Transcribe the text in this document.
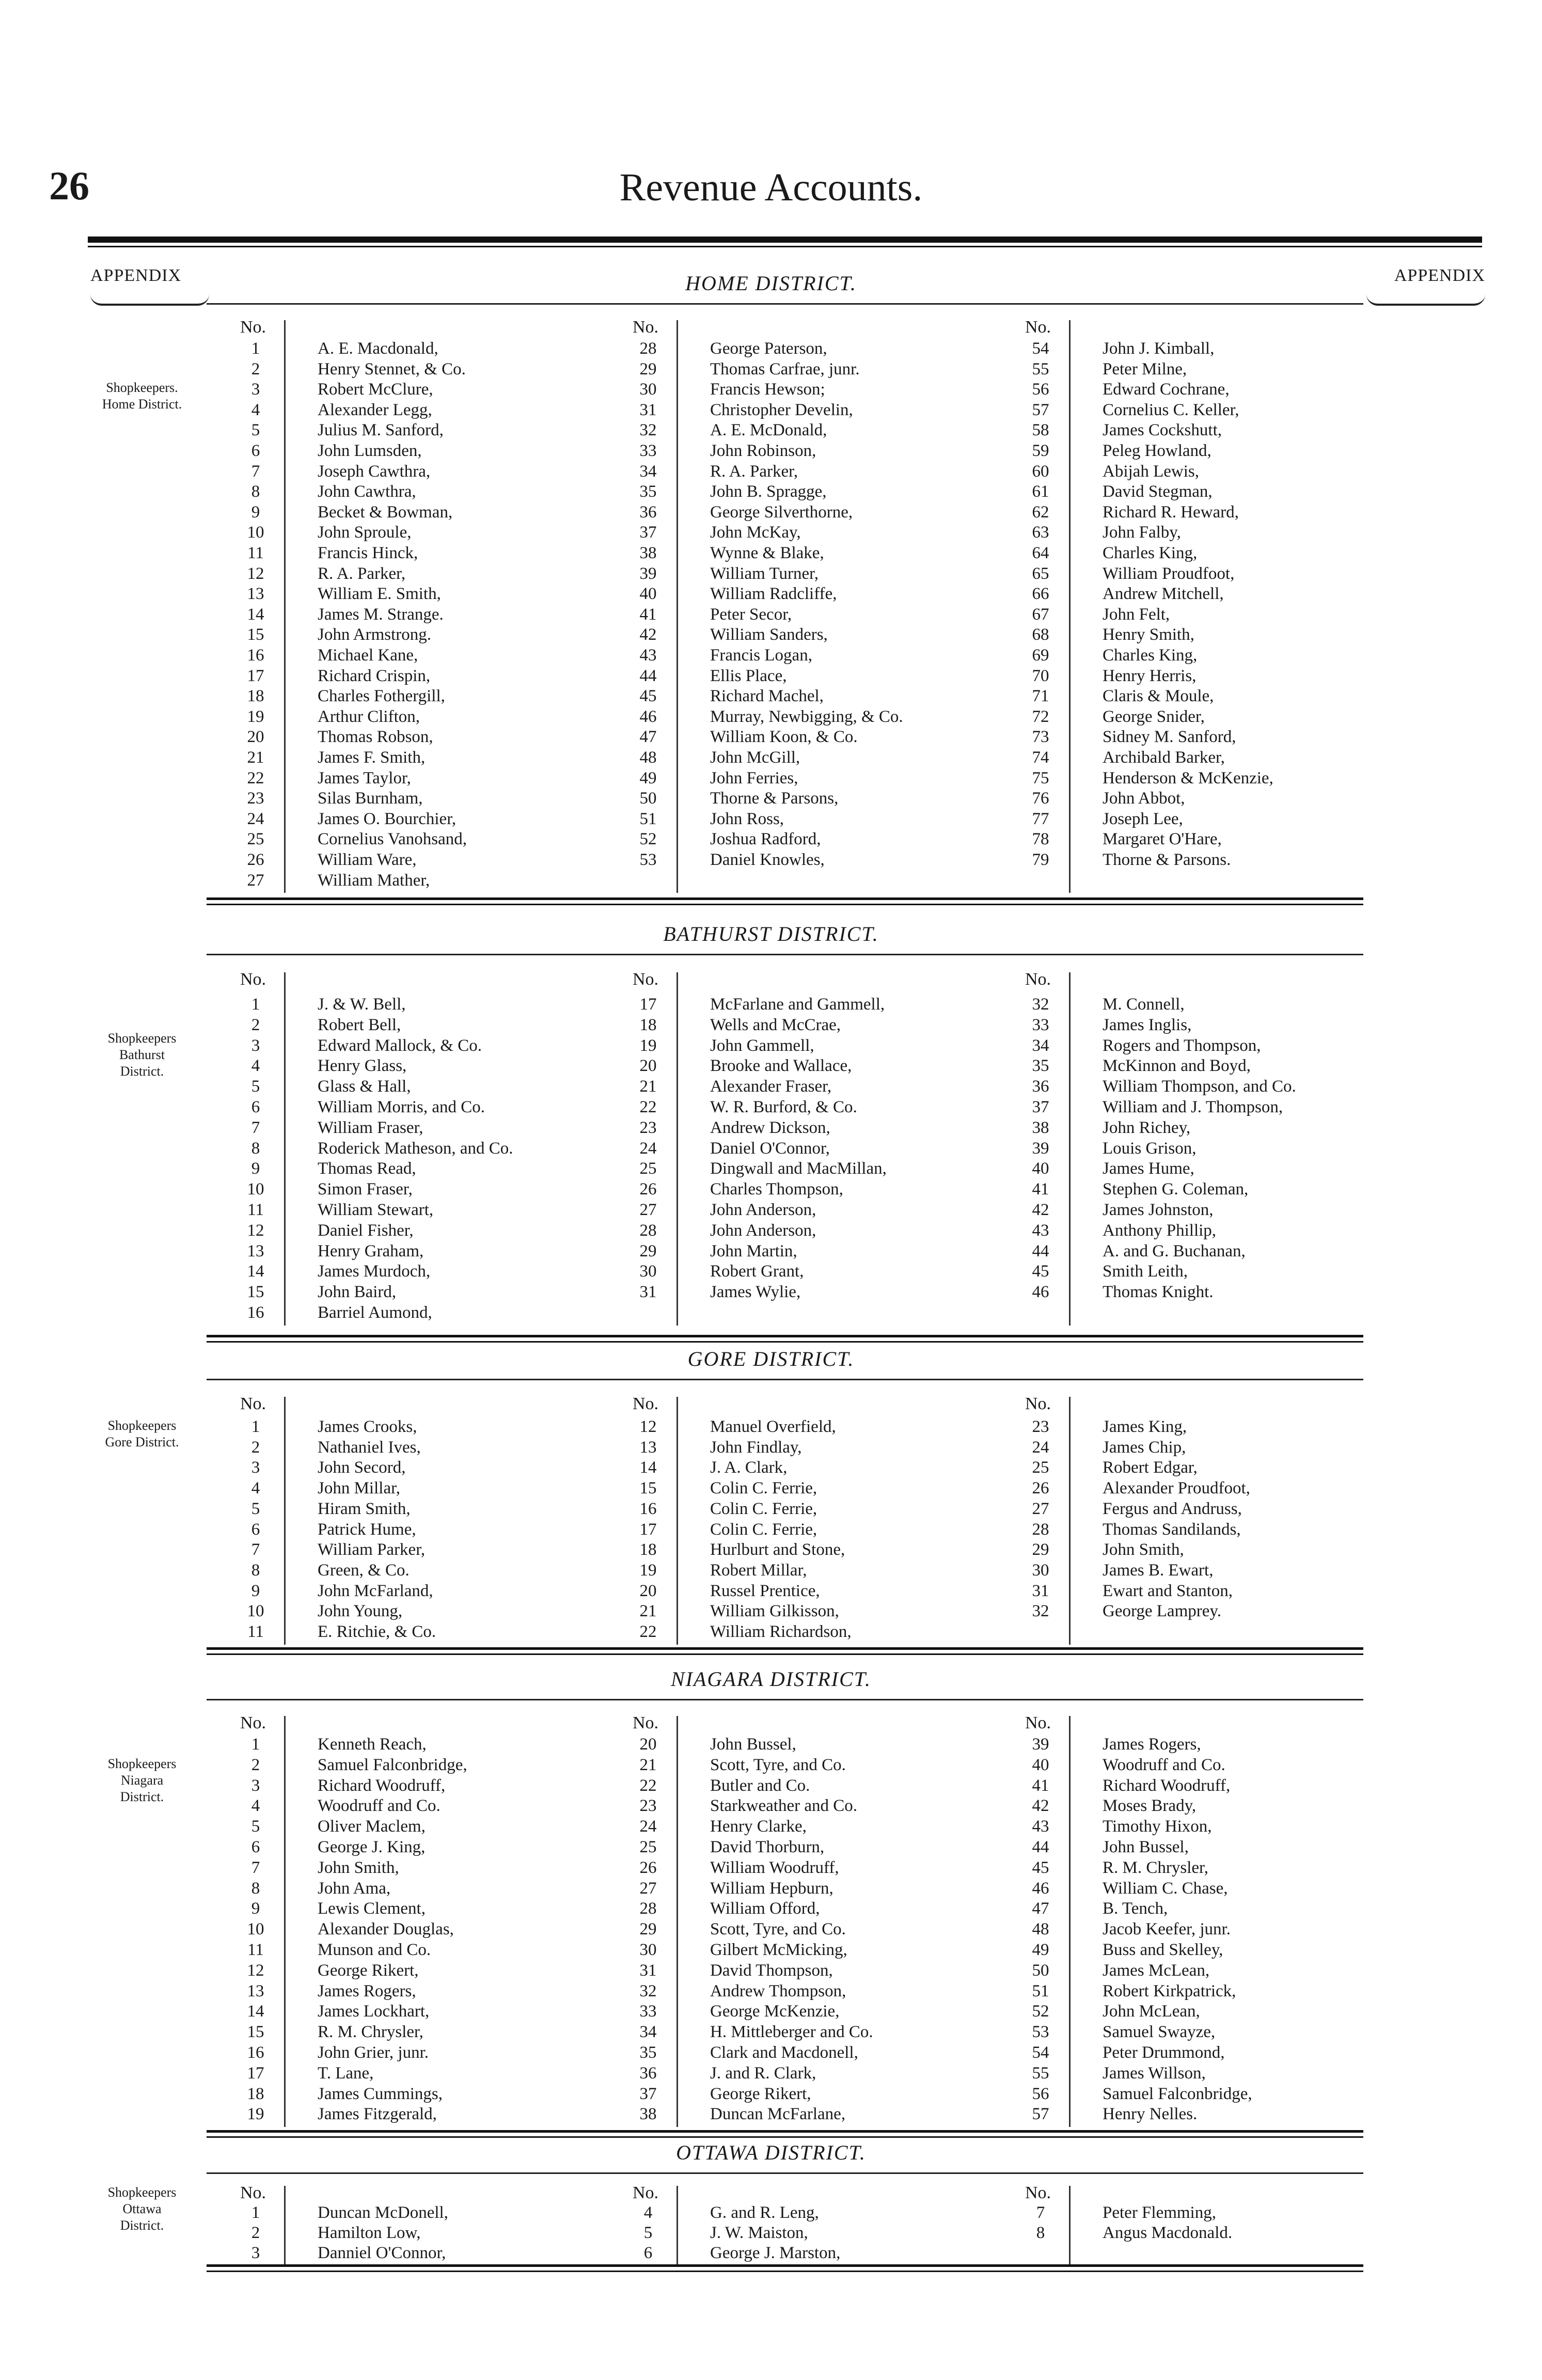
26	Revenue Accounts.
APPENDIX	APPENDIX
HOME DISTRICT.
Shopkeepers.
Home District.
No.
1	A. E. Macdonald,
2	Henry Stennet, & Co.
3	Robert McClure,
4	Alexander Legg,
5	Julius M. Sanford,
6	John Lumsden,
7	Joseph Cawthra,
8	John Cawthra,
9	Becket & Bowman,
10	John Sproule,
11	Francis Hinck,
12	R. A. Parker,
13	William E. Smith,
14	James M. Strange.
15	John Armstrong.
16	Michael Kane,
17	Richard Crispin,
18	Charles Fothergill,
19	Arthur Clifton,
20	Thomas Robson,
21	James F. Smith,
22	James Taylor,
23	Silas Burnham,
24	James O. Bourchier,
25	Cornelius Vanohsand,
26	William Ware,
27	William Mather,
No.
28	George Paterson,
29	Thomas Carfrae, junr.
30	Francis Hewson;
31	Christopher Develin,
32	A. E. McDonald,
33	John Robinson,
34	R. A. Parker,
35	John B. Spragge,
36	George Silverthorne,
37	John McKay,
38	Wynne & Blake,
39	William Turner,
40	William Radcliffe,
41	Peter Secor,
42	William Sanders,
43	Francis Logan,
44	Ellis Place,
45	Richard Machel,
46	Murray, Newbigging, & Co.
47	William Koon, & Co.
48	John McGill,
49	John Ferries,
50	Thorne & Parsons,
51	John Ross,
52	Joshua Radford,
53	Daniel Knowles,
No.
54	John J. Kimball,
55	Peter Milne,
56	Edward Cochrane,
57	Cornelius C. Keller,
58	James Cockshutt,
59	Peleg Howland,
60	Abijah Lewis,
61	David Stegman,
62	Richard R. Heward,
63	John Falby,
64	Charles King,
65	William Proudfoot,
66	Andrew Mitchell,
67	John Felt,
68	Henry Smith,
69	Charles King,
70	Henry Herris,
71	Claris & Moule,
72	George Snider,
73	Sidney M. Sanford,
74	Archibald Barker,
75	Henderson & McKenzie,
76	John Abbot,
77	Joseph Lee,
78	Margaret O'Hare,
79	Thorne & Parsons.
BATHURST DISTRICT.
Shopkeepers
Bathurst
District.
No.
1	J. & W. Bell,
2	Robert Bell,
3	Edward Mallock, & Co.
4	Henry Glass,
5	Glass & Hall,
6	William Morris, and Co.
7	William Fraser,
8	Roderick Matheson, and Co.
9	Thomas Read,
10	Simon Fraser,
11	William Stewart,
12	Daniel Fisher,
13	Henry Graham,
14	James Murdoch,
15	John Baird,
16	Barriel Aumond,
No.
17	McFarlane and Gammell,
18	Wells and McCrae,
19	John Gammell,
20	Brooke and Wallace,
21	Alexander Fraser,
22	W. R. Burford, & Co.
23	Andrew Dickson,
24	Daniel O'Connor,
25	Dingwall and MacMillan,
26	Charles Thompson,
27	John Anderson,
28	John Anderson,
29	John Martin,
30	Robert Grant,
31	James Wylie,
No.
32	M. Connell,
33	James Inglis,
34	Rogers and Thompson,
35	McKinnon and Boyd,
36	William Thompson, and Co.
37	William and J. Thompson,
38	John Richey,
39	Louis Grison,
40	James Hume,
41	Stephen G. Coleman,
42	James Johnston,
43	Anthony Phillip,
44	A. and G. Buchanan,
45	Smith Leith,
46	Thomas Knight.
GORE DISTRICT.
Shopkeepers
Gore District.
No.
1	James Crooks,
2	Nathaniel Ives,
3	John Secord,
4	John Millar,
5	Hiram Smith,
6	Patrick Hume,
7	William Parker,
8	Green, & Co.
9	John McFarland,
10	John Young,
11	E. Ritchie, & Co.
No.
12	Manuel Overfield,
13	John Findlay,
14	J. A. Clark,
15	Colin C. Ferrie,
16	Colin C. Ferrie,
17	Colin C. Ferrie,
18	Hurlburt and Stone,
19	Robert Millar,
20	Russel Prentice,
21	William Gilkisson,
22	William Richardson,
No.
23	James King,
24	James Chip,
25	Robert Edgar,
26	Alexander Proudfoot,
27	Fergus and Andruss,
28	Thomas Sandilands,
29	John Smith,
30	James B. Ewart,
31	Ewart and Stanton,
32	George Lamprey.
NIAGARA DISTRICT.
Shopkeepers
Niagara
District.
No.
1	Kenneth Reach,
2	Samuel Falconbridge,
3	Richard Woodruff,
4	Woodruff and Co.
5	Oliver Maclem,
6	George J. King,
7	John Smith,
8	John Ama,
9	Lewis Clement,
10	Alexander Douglas,
11	Munson and Co.
12	George Rikert,
13	James Rogers,
14	James Lockhart,
15	R. M. Chrysler,
16	John Grier, junr.
17	T. Lane,
18	James Cummings,
19	James Fitzgerald,
No.
20	John Bussel,
21	Scott, Tyre, and Co.
22	Butler and Co.
23	Starkweather and Co.
24	Henry Clarke,
25	David Thorburn,
26	William Woodruff,
27	William Hepburn,
28	William Offord,
29	Scott, Tyre, and Co.
30	Gilbert McMicking,
31	David Thompson,
32	Andrew Thompson,
33	George McKenzie,
34	H. Mittleberger and Co.
35	Clark and Macdonell,
36	J. and R. Clark,
37	George Rikert,
38	Duncan McFarlane,
No.
39	James Rogers,
40	Woodruff and Co.
41	Richard Woodruff,
42	Moses Brady,
43	Timothy Hixon,
44	John Bussel,
45	R. M. Chrysler,
46	William C. Chase,
47	B. Tench,
48	Jacob Keefer, junr.
49	Buss and Skelley,
50	James McLean,
51	Robert Kirkpatrick,
52	John McLean,
53	Samuel Swayze,
54	Peter Drummond,
55	James Willson,
56	Samuel Falconbridge,
57	Henry Nelles.
OTTAWA DISTRICT.
Shopkeepers
Ottawa
District.
No.
1	Duncan McDonell,
2	Hamilton Low,
3	Danniel O'Connor,
No.
4	G. and R. Leng,
5	J. W. Maiston,
6	George J. Marston,
No.
7	Peter Flemming,
8	Angus Macdonald.
